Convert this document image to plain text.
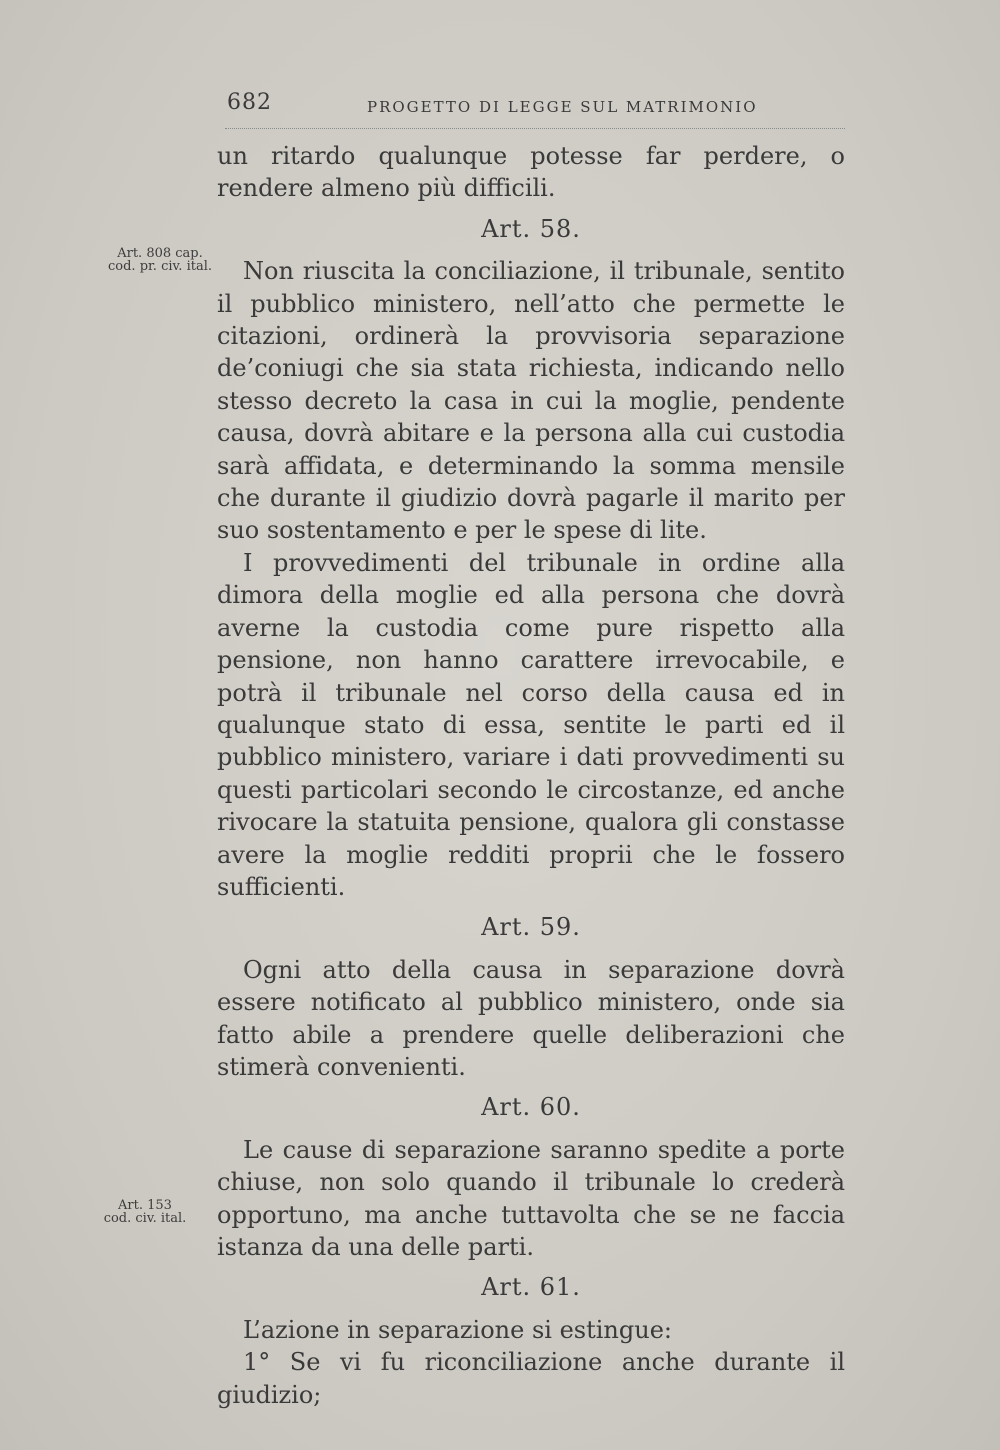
682	PROGETTO DI LEGGE SUL MATRIMONIO
Art. 808 cap.
cod. pr. civ. ital.
Art. 153
cod. civ. ital.

un ritardo qualunque potesse far perdere, o rendere almeno più difficili.

Art. 58.

Non riuscita la conciliazione, il tribunale, sentito il pubblico ministero, nell’atto che permette le citazioni, ordinerà la provvisoria separazione de’coniugi che sia stata richiesta, indicando nello stesso decreto la casa in cui la moglie, pendente causa, dovrà abitare e la persona alla cui custodia sarà affidata, e determinando la somma mensile che durante il giudizio dovrà pagarle il marito per suo sostentamento e per le spese di lite.

I provvedimenti del tribunale in ordine alla dimora della moglie ed alla persona che dovrà averne la custodia come pure rispetto alla pensione, non hanno carattere irrevocabile, e potrà il tribunale nel corso della causa ed in qualunque stato di essa, sentite le parti ed il pubblico ministero, variare i dati provvedimenti su questi particolari secondo le circostanze, ed anche rivocare la statuita pensione, qualora gli constasse avere la moglie redditi proprii che le fossero sufficienti.

Art. 59.

Ogni atto della causa in separazione dovrà essere notificato al pubblico ministero, onde sia fatto abile a prendere quelle deliberazioni che stimerà convenienti.

Art. 60.

Le cause di separazione saranno spedite a porte chiuse, non solo quando il tribunale lo crederà opportuno, ma anche tuttavolta che se ne faccia istanza da una delle parti.

Art. 61.

L’azione in separazione si estingue:

1° Se vi fu riconciliazione anche durante il giudizio;
